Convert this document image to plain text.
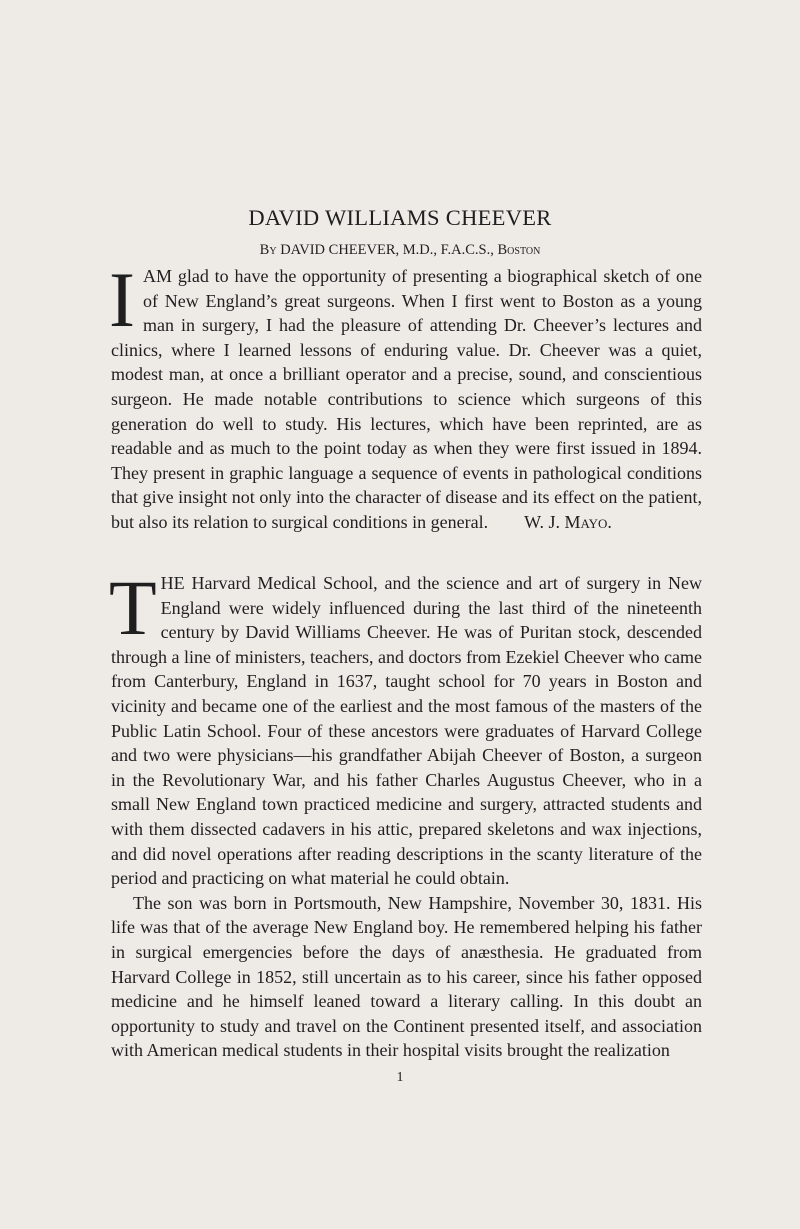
DAVID WILLIAMS CHEEVER

By DAVID CHEEVER, M.D., F.A.C.S., Boston

IAM glad to have the opportunity of presenting a biographical sketch of one of New England’s great surgeons. When I first went to Boston as a young man in surgery, I had the pleasure of attending Dr. Cheever’s lectures and clinics, where I learned lessons of enduring value. Dr. Cheever was a quiet, modest man, at once a brilliant operator and a precise, sound, and conscientious surgeon. He made notable contributions to science which surgeons of this generation do well to study. His lectures, which have been reprinted, are as readable and as much to the point today as when they were first issued in 1894. They present in graphic language a sequence of events in pathological conditions that give insight not only into the character of disease and its effect on the patient, but also its relation to surgical conditions in general. W. J. Mayo.

THE Harvard Medical School, and the science and art of surgery in New England were widely influenced during the last third of the nineteenth century by David Williams Cheever. He was of Puritan stock, descended through a line of ministers, teachers, and doctors from Ezekiel Cheever who came from Canterbury, England in 1637, taught school for 70 years in Boston and vicinity and became one of the earliest and the most famous of the masters of the Public Latin School. Four of these ancestors were graduates of Harvard College and two were physicians—his grandfather Abijah Cheever of Boston, a surgeon in the Revolutionary War, and his father Charles Augustus Cheever, who in a small New England town practiced medicine and surgery, attracted students and with them dissected cadavers in his attic, prepared skeletons and wax injections, and did novel operations after reading descriptions in the scanty literature of the period and practicing on what material he could obtain.

The son was born in Portsmouth, New Hampshire, November 30, 1831. His life was that of the average New England boy. He remembered helping his father in surgical emergencies before the days of anæsthesia. He graduated from Harvard College in 1852, still uncertain as to his career, since his father opposed medicine and he himself leaned toward a literary calling. In this doubt an opportunity to study and travel on the Continent presented itself, and association with American medical students in their hospital visits brought the realization

1
